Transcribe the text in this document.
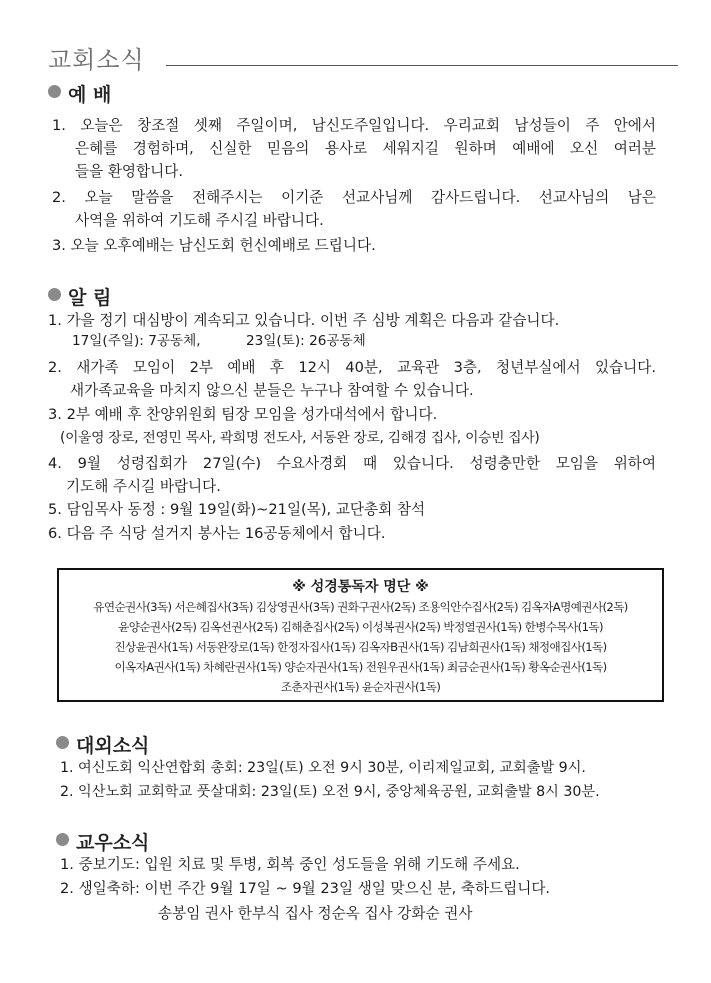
교회소식
예 배
1. 오늘은 창조절 셋째 주일이며, 남신도주일입니다. 우리교회 남성들이 주 안에서
은혜를 경험하며, 신실한 믿음의 용사로 세워지길 원하며 예배에 오신 여러분
들을 환영합니다.
2. 오늘 말씀을 전해주시는 이기준 선교사님께 감사드립니다. 선교사님의 남은
사역을 위하여 기도해 주시길 바랍니다.
3. 오늘 오후예배는 남신도회 헌신예배로 드립니다.
알 림
1. 가을 정기 대심방이 계속되고 있습니다. 이번 주 심방 계획은 다음과 같습니다.
17일(주일): 7공동체,	23일(토): 26공동체
2. 새가족 모임이 2부 예배 후 12시 40분, 교육관 3층, 청년부실에서 있습니다.
새가족교육을 마치지 않으신 분들은 누구나 참여할 수 있습니다.
3. 2부 예배 후 찬양위원회 팀장 모임을 성가대석에서 합니다.
(이울영 장로, 전영민 목사, 곽희명 전도사, 서동완 장로, 김해경 집사, 이승빈 집사)
4. 9월 성령집회가 27일(수) 수요사경회 때 있습니다. 성령충만한 모임을 위하여
기도해 주시길 바랍니다.
5. 담임목사 동정 : 9월 19일(화)~21일(목), 교단총회 참석
6. 다음 주 식당 설거지 봉사는 16공동체에서 합니다.
※ 성경통독자 명단 ※
유연순권사(3독) 서은혜집사(3독) 김상영권사(3독) 권화구권사(2독) 조용익안수집사(2독) 김옥자A명예권사(2독)
윤양순권사(2독) 김옥선권사(2독) 김해춘집사(2독) 이성복권사(2독) 박정열권사(1독) 한병수목사(1독)
진상윤권사(1독) 서동완장로(1독) 한정자집사(1독) 김옥자B권사(1독) 김남희권사(1독) 채정애집사(1독)
이옥자A권사(1독) 차혜란권사(1독) 양순자권사(1독) 전원우권사(1독) 최금순권사(1독) 황옥순권사(1독)
조춘자권사(1독) 윤순자권사(1독)
대외소식
1. 여신도회 익산연합회 총회: 23일(토) 오전 9시 30분, 이리제일교회, 교회출발 9시.
2. 익산노회 교회학교 풋살대회: 23일(토) 오전 9시, 중앙체육공원, 교회출발 8시 30분.
교우소식
1. 중보기도: 입원 치료 및 투병, 회복 중인 성도들을 위해 기도해 주세요.
2. 생일축하: 이번 주간 9월 17일 ~ 9월 23일 생일 맞으신 분, 축하드립니다.
송봉임 권사 한부식 집사 정순옥 집사 강화순 권사
